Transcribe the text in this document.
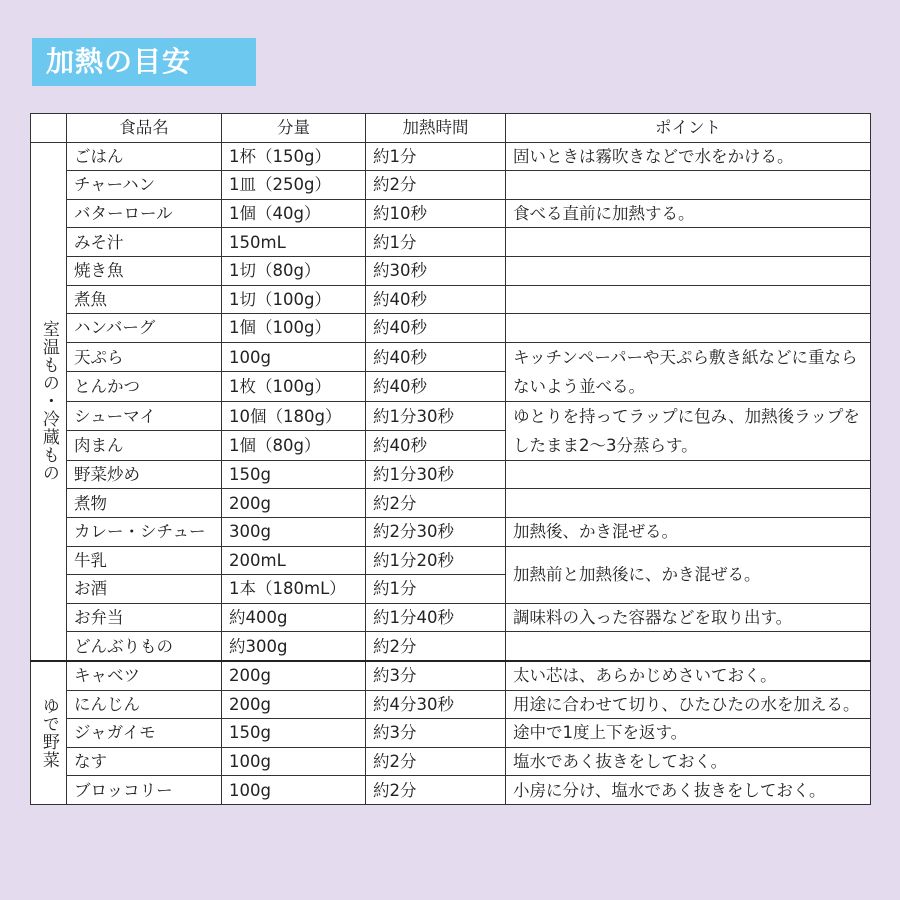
加熱の目安
	食品名	分量	加熱時間	ポイント
室温もの・冷蔵もの	ごはん	1杯（150g）	約1分	固いときは霧吹きなどで水をかける。
	チャーハン	1皿（250g）	約2分	
	バターロール	1個（40g）	約10秒	食べる直前に加熱する。
	みそ汁	150mL	約1分	
	焼き魚	1切（80g）	約30秒	
	煮魚	1切（100g）	約40秒	
	ハンバーグ	1個（100g）	約40秒	
	天ぷら	100g	約40秒	キッチンペーパーや天ぷら敷き紙などに重ならないよう並べる。
	とんかつ	1枚（100g）	約40秒	
	シューマイ	10個（180g）	約1分30秒	ゆとりを持ってラップに包み、加熱後ラップをしたまま2〜3分蒸らす。
	肉まん	1個（80g）	約40秒	
	野菜炒め	150g	約1分30秒	
	煮物	200g	約2分	
	カレー・シチュー	300g	約2分30秒	加熱後、かき混ぜる。
	牛乳	200mL	約1分20秒	加熱前と加熱後に、かき混ぜる。
	お酒	1本（180mL）	約1分	
	お弁当	約400g	約1分40秒	調味料の入った容器などを取り出す。
	どんぶりもの	約300g	約2分	
ゆで野菜	キャベツ	200g	約3分	太い芯は、あらかじめさいておく。
	にんじん	200g	約4分30秒	用途に合わせて切り、ひたひたの水を加える。
	ジャガイモ	150g	約3分	途中で1度上下を返す。
	なす	100g	約2分	塩水であく抜きをしておく。
	ブロッコリー	100g	約2分	小房に分け、塩水であく抜きをしておく。
